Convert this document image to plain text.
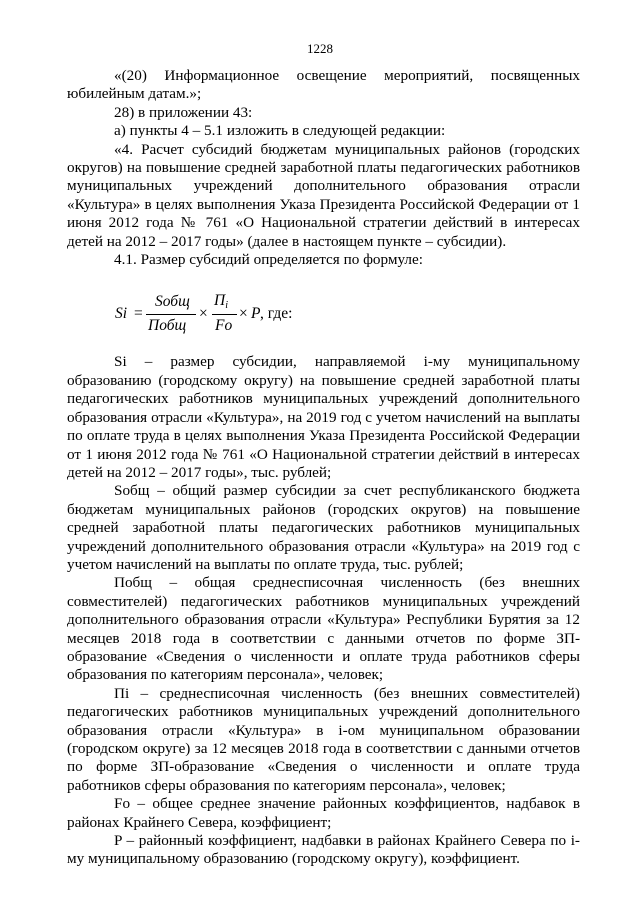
1228

«(20) Информационное освещение мероприятий, посвященных юбилейным датам.»;

28) в приложении 43:

а) пункты 4 – 5.1 изложить в следующей редакции:

«4. Расчет субсидий бюджетам муниципальных районов (городских округов) на повышение средней заработной платы педагогических работников муниципальных учреждений дополнительного образования отрасли «Культура» в целях выполнения Указа Президента Российской Федерации от 1 июня 2012 года № 761 «О Национальной стратегии действий в интересах детей на 2012 – 2017 годы» (далее в настоящем пункте – субсидии).

4.1. Размер субсидий определяется по формуле:

Si =
Sобщ
Побщ
×
$П_i$
Fo
× P , где:

Si – размер субсидии, направляемой i-му муниципальному образованию (городскому округу) на повышение средней заработной платы педагогических работников муниципальных учреждений дополнительного образования отрасли «Культура», на 2019 год с учетом начислений на выплаты по оплате труда в целях выполнения Указа Президента Российской Федерации от 1 июня 2012 года № 761 «О Национальной стратегии действий в интересах детей на 2012 – 2017 годы», тыс. рублей;

Sобщ – общий размер субсидии за счет республиканского бюджета бюджетам муниципальных районов (городских округов) на повышение средней заработной платы педагогических работников муниципальных учреждений дополнительного образования отрасли «Культура» на 2019 год с учетом начислений на выплаты по оплате труда, тыс. рублей;

Побщ – общая среднесписочная численность (без внешних совместителей) педагогических работников муниципальных учреждений дополнительного образования отрасли «Культура» Республики Бурятия за 12 месяцев 2018 года в соответствии с данными отчетов по форме ЗП-образование «Сведения о численности и оплате труда работников сферы образования по категориям персонала», человек;

Пi – среднесписочная численность (без внешних совместителей) педагогических работников муниципальных учреждений дополнительного образования отрасли «Культура» в i-ом муниципальном образовании (городском округе) за 12 месяцев 2018 года в соответствии с данными отчетов по форме ЗП-образование «Сведения о численности и оплате труда работников сферы образования по категориям персонала», человек;

Fo – общее среднее значение районных коэффициентов, надбавок в районах Крайнего Севера, коэффициент;

P – районный коэффициент, надбавки в районах Крайнего Севера по i-му муниципальному образованию (городскому округу), коэффициент.
